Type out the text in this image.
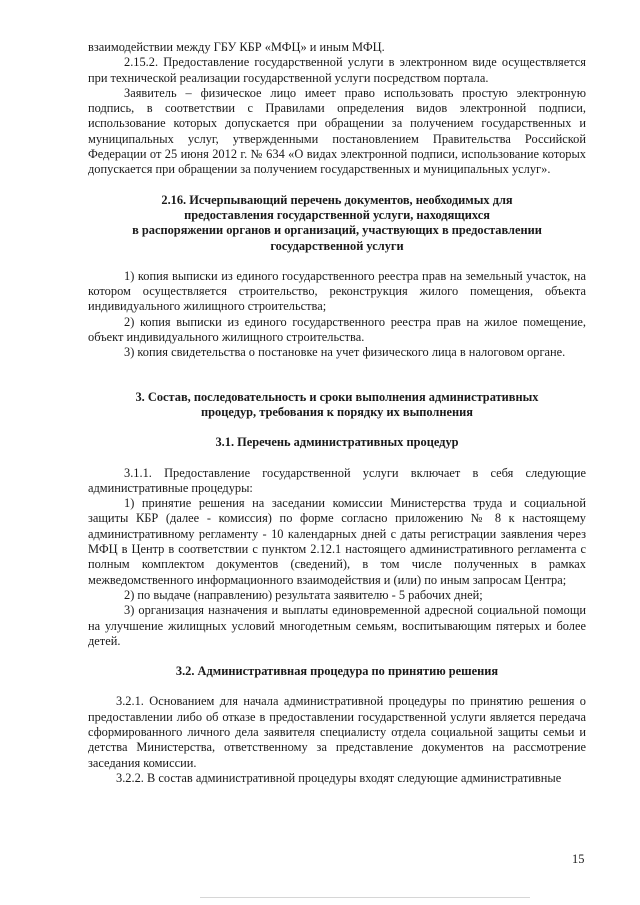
взаимодействии между ГБУ КБР «МФЦ» и иным МФЦ.

2.15.2. Предоставление государственной услуги в электронном виде осуществляется при технической реализации государственной услуги посредством портала.

Заявитель – физическое лицо имеет право использовать простую электронную подпись, в соответствии с Правилами определения видов электронной подписи, использование которых допускается при обращении за получением государственных и муниципальных услуг, утвержденными постановлением Правительства Российской Федерации от 25 июня 2012 г. № 634 «О видах электронной подписи, использование которых допускается при обращении за получением государственных и муниципальных услуг».

2.16. Исчерпывающий перечень документов, необходимых для

предоставления государственной услуги, находящихся

в распоряжении органов и организаций, участвующих в предоставлении

государственной услуги

1) копия выписки из единого государственного реестра прав на земельный участок, на котором осуществляется строительство, реконструкция жилого помещения, объекта индивидуального жилищного строительства;

2) копия выписки из единого государственного реестра прав на жилое помещение, объект индивидуального жилищного строительства.

3) копия свидетельства о постановке на учет физического лица в налоговом органе.

3. Состав, последовательность и сроки выполнения административных

процедур, требования к порядку их выполнения

3.1. Перечень административных процедур

3.1.1. Предоставление государственной услуги включает в себя следующие административные процедуры:

1) принятие решения на заседании комиссии Министерства труда и социальной защиты КБР (далее - комиссия) по форме согласно приложению № 8 к настоящему административному регламенту - 10 календарных дней с даты регистрации заявления через МФЦ в Центр в соответствии с пунктом 2.12.1 настоящего административного регламента с полным комплектом документов (сведений), в том числе полученных в рамках межведомственного информационного взаимодействия и (или) по иным запросам Центра;

2) по выдаче (направлению) результата заявителю - 5 рабочих дней;

3) организация назначения и выплаты единовременной адресной социальной помощи на улучшение жилищных условий многодетным семьям, воспитывающим пятерых и более детей.

3.2. Административная процедура по принятию решения

3.2.1. Основанием для начала административной процедуры по принятию решения о предоставлении либо об отказе в предоставлении государственной услуги является передача сформированного личного дела заявителя специалисту отдела социальной защиты семьи и детства Министерства, ответственному за представление документов на рассмотрение заседания комиссии.

3.2.2. В состав административной процедуры входят следующие административные

15
